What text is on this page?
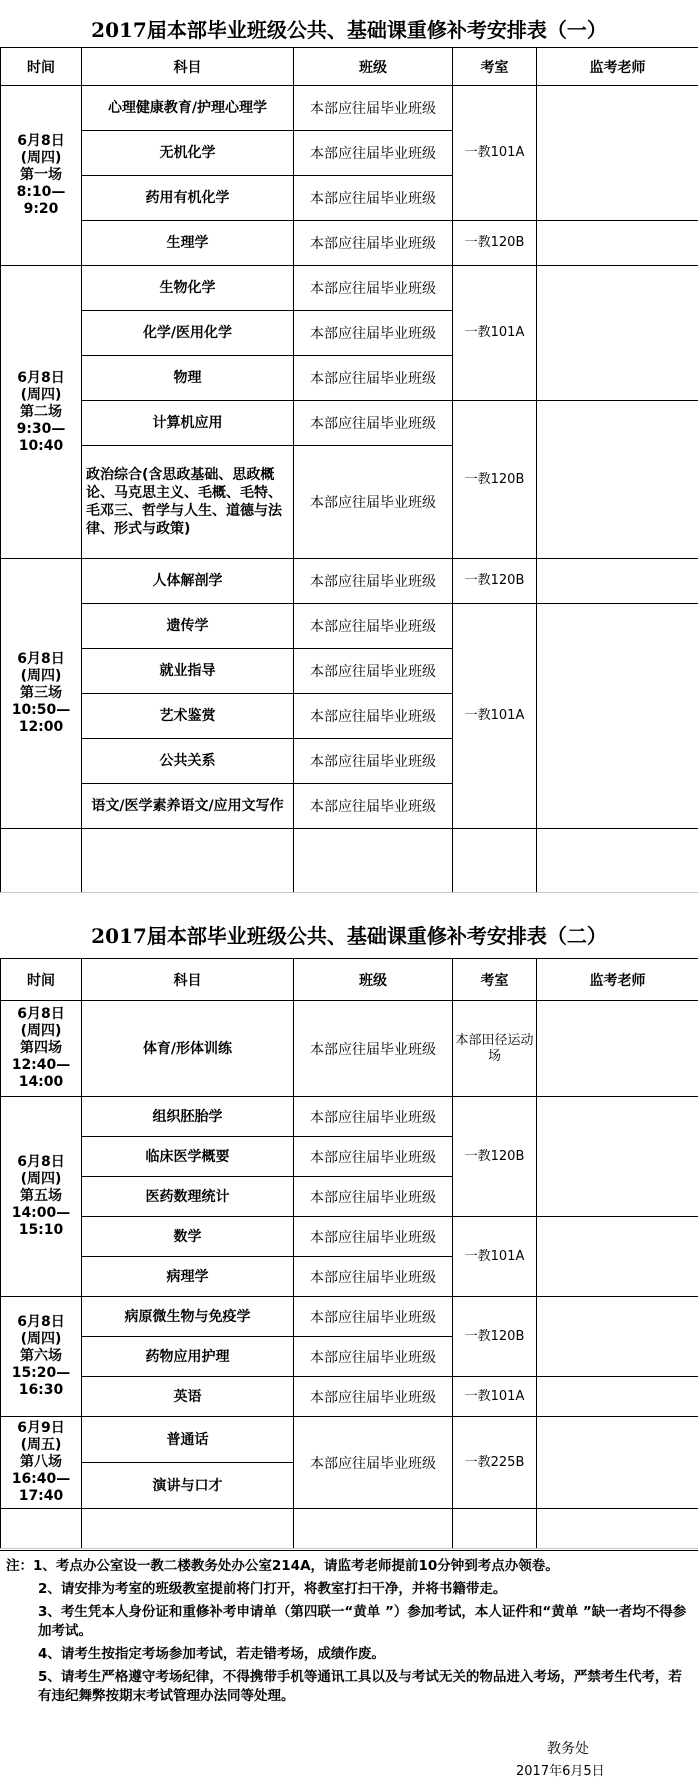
2017届本部毕业班级公共、基础课重修补考安排表（一）
时间	科目	班级	考室	监考老师
6月8日
(周四)
第一场
8:10—
9:20	心理健康教育/护理心理学	本部应往届毕业班级	一教101A	
	无机化学	本部应往届毕业班级		
	药用有机化学	本部应往届毕业班级		
	生理学	本部应往届毕业班级	一教120B	
6月8日
(周四)
第二场
9:30—
10:40	生物化学	本部应往届毕业班级	一教101A	
	化学/医用化学	本部应往届毕业班级		
	物理	本部应往届毕业班级		
	计算机应用	本部应往届毕业班级	一教120B	
	政治综合(含思政基础、思政概论、马克思主义、毛概、毛特、毛邓三、哲学与人生、道德与法律、形式与政策)	本部应往届毕业班级		
6月8日
(周四)
第三场
10:50—
12:00	人体解剖学	本部应往届毕业班级	一教120B	
	遗传学	本部应往届毕业班级	一教101A	
	就业指导	本部应往届毕业班级		
	艺术鉴赏	本部应往届毕业班级		
	公共关系	本部应往届毕业班级		
	语文/医学素养语文/应用文写作	本部应往届毕业班级		

2017届本部毕业班级公共、基础课重修补考安排表（二）
时间	科目	班级	考室	监考老师
6月8日
(周四)
第四场
12:40—
14:00	体育/形体训练	本部应往届毕业班级	本部田径运动场	
6月8日
(周四)
第五场
14:00—
15:10	组织胚胎学	本部应往届毕业班级	一教120B	
	临床医学概要	本部应往届毕业班级		
	医药数理统计	本部应往届毕业班级		
	数学	本部应往届毕业班级	一教101A	
	病理学	本部应往届毕业班级		
6月8日
(周四)
第六场
15:20—
16:30	病原微生物与免疫学	本部应往届毕业班级	一教120B	
	药物应用护理	本部应往届毕业班级		
	英语	本部应往届毕业班级	一教101A	
6月9日
(周五)
第八场
16:40—
17:40	普通话	本部应往届毕业班级	一教225B	
	演讲与口才			

注：1、考点办公室设一教二楼教务处办公室214A，请监考老师提前10分钟到考点办领卷。
2、请安排为考室的班级教室提前将门打开，将教室打扫干净，并将书籍带走。
3、考生凭本人身份证和重修补考申请单（第四联一“黄单 ”）参加考试，本人证件和“黄单 ”缺一者均不得参加考试。
4、请考生按指定考场参加考试，若走错考场，成绩作废。
5、请考生严格遵守考场纪律，不得携带手机等通讯工具以及与考试无关的物品进入考场，严禁考生代考，若有违纪舞弊按期末考试管理办法同等处理。
教务处
2017年6月5日
